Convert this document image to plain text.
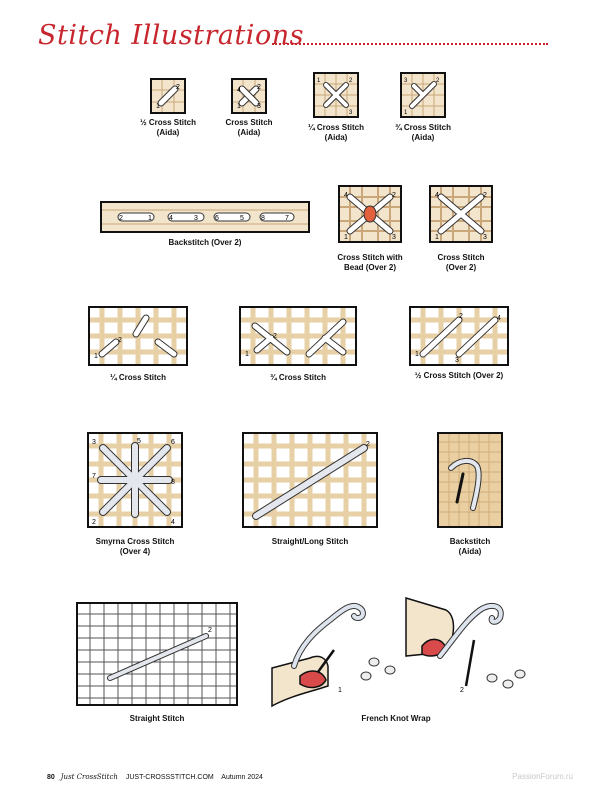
Stitch Illustrations
1
2
½ Cross Stitch
(Aida)
4 2
1 3
Cross Stitch
(Aida)
1	2
3
¼ Cross Stitch
(Aida)
3	2
1
¾ Cross Stitch
(Aida)
2	1 4	3 6	5 8	7
Backstitch (Over 2)
4	2
1	3
Cross Stitch with
Bead (Over 2)
4	2
1	3
Cross Stitch
(Over 2)
1
2
¼ Cross Stitch
1
2
¾ Cross Stitch
1
2
3
4
½ Cross Stitch (Over 2)
3	5	6
7
8
2	4
Smyrna Cross Stitch
(Over 4)
2
Straight/Long Stitch	Backstitch
(Aida)
2
Straight Stitch
1	2
French Knot Wrap
80 Just CrossStitch JUST-CROSSSTITCH.COM Autumn 2024	PassionForum.ru
